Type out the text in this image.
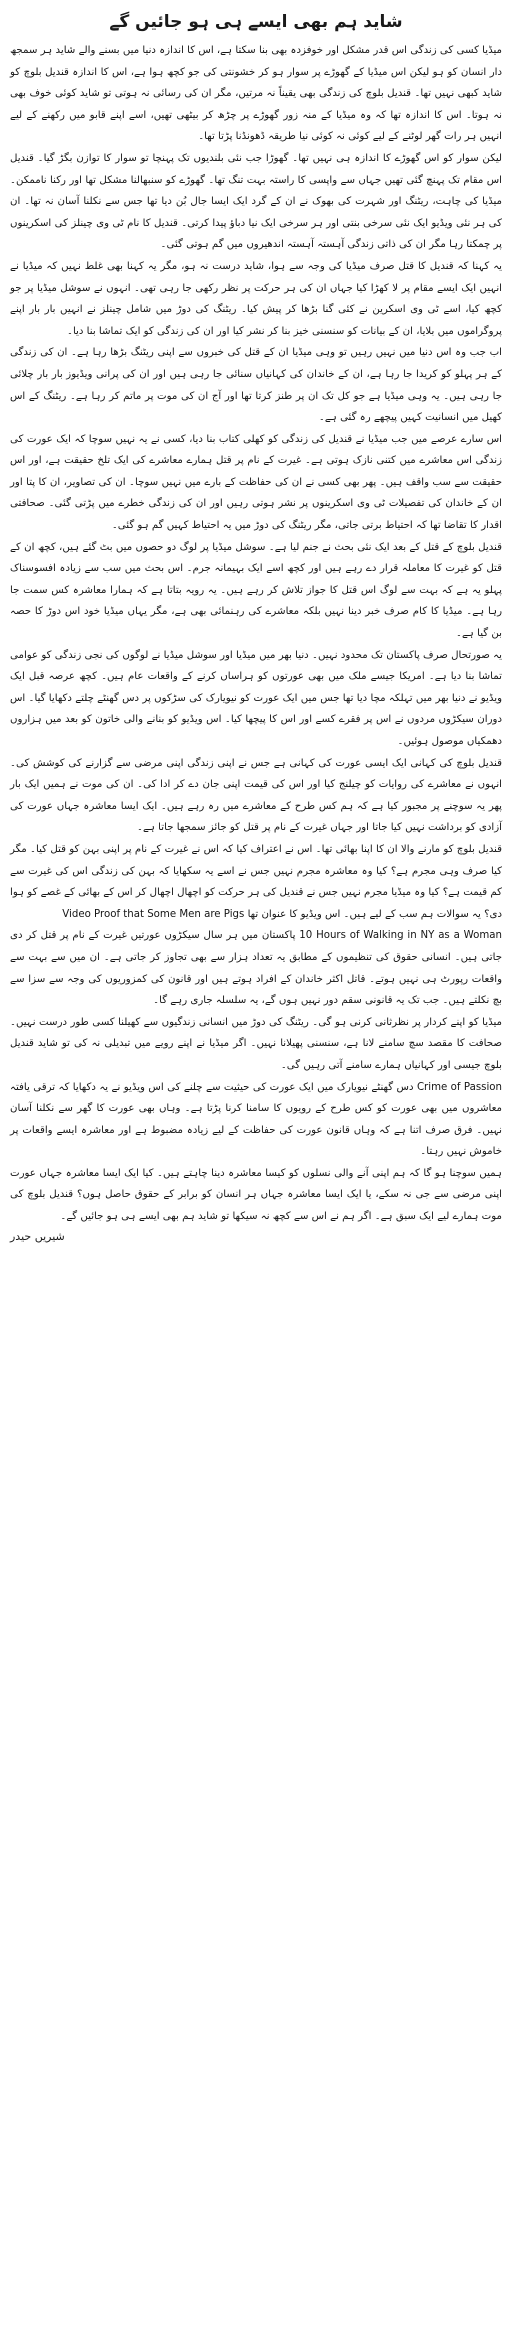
شاید ہم بھی ایسے ہی ہو جائیں گے

میڈیا کسی کی زندگی اس قدر مشکل اور خوفزدہ بھی بنا سکتا ہے، اس کا اندازہ دنیا میں بسنے والے شاید ہر سمجھ دار انسان کو ہو لیکن اس میڈیا کے گھوڑے پر سوار ہو کر خشونتی کی جو کچھ ہوا ہے، اس کا اندازہ قندیل بلوچ کو شاید کبھی نہیں تھا۔ قندیل بلوچ کی زندگی بھی یقیناً نہ مرتیں، مگر ان کی رسائی نہ ہوتی تو شاید کوئی خوف بھی نہ ہوتا۔ اس کا اندازہ تھا کہ وہ میڈیا کے منہ زور گھوڑے پر چڑھ کر بیٹھی تھیں، اسے اپنے قابو میں رکھنے کے لیے انہیں ہر رات گھر لوٹنے کے لیے کوئی نہ کوئی نیا طریقہ ڈھونڈنا پڑتا تھا۔

لیکن سوار کو اس گھوڑے کا اندازہ ہی نہیں تھا۔ گھوڑا جب نئی بلندیوں تک پہنچا تو سوار کا توازن بگڑ گیا۔ قندیل اس مقام تک پہنچ گئی تھیں جہاں سے واپسی کا راستہ بہت تنگ تھا۔ گھوڑے کو سنبھالنا مشکل تھا اور رکنا ناممکن۔ میڈیا کی چاہت، ریٹنگ اور شہرت کی بھوک نے ان کے گرد ایک ایسا جال بُن دیا تھا جس سے نکلنا آسان نہ تھا۔ ان کی ہر نئی ویڈیو ایک نئی سرخی بنتی اور ہر سرخی ایک نیا دباؤ پیدا کرتی۔ قندیل کا نام ٹی وی چینلز کی اسکرینوں پر چمکتا رہا مگر ان کی ذاتی زندگی آہستہ آہستہ اندھیروں میں گم ہوتی گئی۔

یہ کہنا کہ قندیل کا قتل صرف میڈیا کی وجہ سے ہوا، شاید درست نہ ہو، مگر یہ کہنا بھی غلط نہیں کہ میڈیا نے انہیں ایک ایسے مقام پر لا کھڑا کیا جہاں ان کی ہر حرکت پر نظر رکھی جا رہی تھی۔ انہوں نے سوشل میڈیا پر جو کچھ کیا، اسے ٹی وی اسکرین نے کئی گنا بڑھا کر پیش کیا۔ ریٹنگ کی دوڑ میں شامل چینلز نے انہیں بار بار اپنے پروگراموں میں بلایا، ان کے بیانات کو سنسنی خیز بنا کر نشر کیا اور ان کی زندگی کو ایک تماشا بنا دیا۔

اب جب وہ اس دنیا میں نہیں رہیں تو وہی میڈیا ان کے قتل کی خبروں سے اپنی ریٹنگ بڑھا رہا ہے۔ ان کی زندگی کے ہر پہلو کو کریدا جا رہا ہے، ان کے خاندان کی کہانیاں سنائی جا رہی ہیں اور ان کی پرانی ویڈیوز بار بار چلائی جا رہی ہیں۔ یہ وہی میڈیا ہے جو کل تک ان پر طنز کرتا تھا اور آج ان کی موت پر ماتم کر رہا ہے۔ ریٹنگ کے اس کھیل میں انسانیت کہیں پیچھے رہ گئی ہے۔

اس سارے عرصے میں جب میڈیا نے قندیل کی زندگی کو کھلی کتاب بنا دیا، کسی نے یہ نہیں سوچا کہ ایک عورت کی زندگی اس معاشرے میں کتنی نازک ہوتی ہے۔ غیرت کے نام پر قتل ہمارے معاشرے کی ایک تلخ حقیقت ہے، اور اس حقیقت سے سب واقف ہیں۔ پھر بھی کسی نے ان کی حفاظت کے بارے میں نہیں سوچا۔ ان کی تصاویر، ان کا پتا اور ان کے خاندان کی تفصیلات ٹی وی اسکرینوں پر نشر ہوتی رہیں اور ان کی زندگی خطرے میں پڑتی گئی۔ صحافتی اقدار کا تقاضا تھا کہ احتیاط برتی جاتی، مگر ریٹنگ کی دوڑ میں یہ احتیاط کہیں گم ہو گئی۔

قندیل بلوچ کے قتل کے بعد ایک نئی بحث نے جنم لیا ہے۔ سوشل میڈیا پر لوگ دو حصوں میں بٹ گئے ہیں، کچھ ان کے قتل کو غیرت کا معاملہ قرار دے رہے ہیں اور کچھ اسے ایک بہیمانہ جرم۔ اس بحث میں سب سے زیادہ افسوسناک پہلو یہ ہے کہ بہت سے لوگ اس قتل کا جواز تلاش کر رہے ہیں۔ یہ رویہ بتاتا ہے کہ ہمارا معاشرہ کس سمت جا رہا ہے۔ میڈیا کا کام صرف خبر دینا نہیں بلکہ معاشرے کی رہنمائی بھی ہے، مگر یہاں میڈیا خود اس دوڑ کا حصہ بن گیا ہے۔

یہ صورتحال صرف پاکستان تک محدود نہیں۔ دنیا بھر میں میڈیا اور سوشل میڈیا نے لوگوں کی نجی زندگی کو عوامی تماشا بنا دیا ہے۔ امریکا جیسے ملک میں بھی عورتوں کو ہراساں کرنے کے واقعات عام ہیں۔ کچھ عرصہ قبل ایک ویڈیو نے دنیا بھر میں تہلکہ مچا دیا تھا جس میں ایک عورت کو نیویارک کی سڑکوں پر دس گھنٹے چلتے دکھایا گیا۔ اس دوران سیکڑوں مردوں نے اس پر فقرے کسے اور اس کا پیچھا کیا۔ اس ویڈیو کو بنانے والی خاتون کو بعد میں ہزاروں دھمکیاں موصول ہوئیں۔

قندیل بلوچ کی کہانی ایک ایسی عورت کی کہانی ہے جس نے اپنی زندگی اپنی مرضی سے گزارنے کی کوشش کی۔ انہوں نے معاشرے کی روایات کو چیلنج کیا اور اس کی قیمت اپنی جان دے کر ادا کی۔ ان کی موت نے ہمیں ایک بار پھر یہ سوچنے پر مجبور کیا ہے کہ ہم کس طرح کے معاشرے میں رہ رہے ہیں۔ ایک ایسا معاشرہ جہاں عورت کی آزادی کو برداشت نہیں کیا جاتا اور جہاں غیرت کے نام پر قتل کو جائز سمجھا جاتا ہے۔

قندیل بلوچ کو مارنے والا ان کا اپنا بھائی تھا۔ اس نے اعتراف کیا کہ اس نے غیرت کے نام پر اپنی بہن کو قتل کیا۔ مگر کیا صرف وہی مجرم ہے؟ کیا وہ معاشرہ مجرم نہیں جس نے اسے یہ سکھایا کہ بہن کی زندگی اس کی غیرت سے کم قیمت ہے؟ کیا وہ میڈیا مجرم نہیں جس نے قندیل کی ہر حرکت کو اچھال اچھال کر اس کے بھائی کے غصے کو ہوا دی؟ یہ سوالات ہم سب کے لیے ہیں۔ اس ویڈیو کا عنوان تھا Video Proof that Some Men are Pigs

10 Hours of Walking in NY as a Woman پاکستان میں ہر سال سیکڑوں عورتیں غیرت کے نام پر قتل کر دی جاتی ہیں۔ انسانی حقوق کی تنظیموں کے مطابق یہ تعداد ہزار سے بھی تجاوز کر جاتی ہے۔ ان میں سے بہت سے واقعات رپورٹ ہی نہیں ہوتے۔ قاتل اکثر خاندان کے افراد ہوتے ہیں اور قانون کی کمزوریوں کی وجہ سے سزا سے بچ نکلتے ہیں۔ جب تک یہ قانونی سقم دور نہیں ہوں گے، یہ سلسلہ جاری رہے گا۔

میڈیا کو اپنے کردار پر نظرثانی کرنی ہو گی۔ ریٹنگ کی دوڑ میں انسانی زندگیوں سے کھیلنا کسی طور درست نہیں۔ صحافت کا مقصد سچ سامنے لانا ہے، سنسنی پھیلانا نہیں۔ اگر میڈیا نے اپنے رویے میں تبدیلی نہ کی تو شاید قندیل بلوچ جیسی اور کہانیاں ہمارے سامنے آتی رہیں گی۔

Crime of Passion دس گھنٹے نیویارک میں ایک عورت کی حیثیت سے چلنے کی اس ویڈیو نے یہ دکھایا کہ ترقی یافتہ معاشروں میں بھی عورت کو کس طرح کے رویوں کا سامنا کرنا پڑتا ہے۔ وہاں بھی عورت کا گھر سے نکلنا آسان نہیں۔ فرق صرف اتنا ہے کہ وہاں قانون عورت کی حفاظت کے لیے زیادہ مضبوط ہے اور معاشرہ ایسے واقعات پر خاموش نہیں رہتا۔

ہمیں سوچنا ہو گا کہ ہم اپنی آنے والی نسلوں کو کیسا معاشرہ دینا چاہتے ہیں۔ کیا ایک ایسا معاشرہ جہاں عورت اپنی مرضی سے جی نہ سکے، یا ایک ایسا معاشرہ جہاں ہر انسان کو برابر کے حقوق حاصل ہوں؟ قندیل بلوچ کی موت ہمارے لیے ایک سبق ہے۔ اگر ہم نے اس سے کچھ نہ سیکھا تو شاید ہم بھی ایسے ہی ہو جائیں گے۔

شیریں حیدر
